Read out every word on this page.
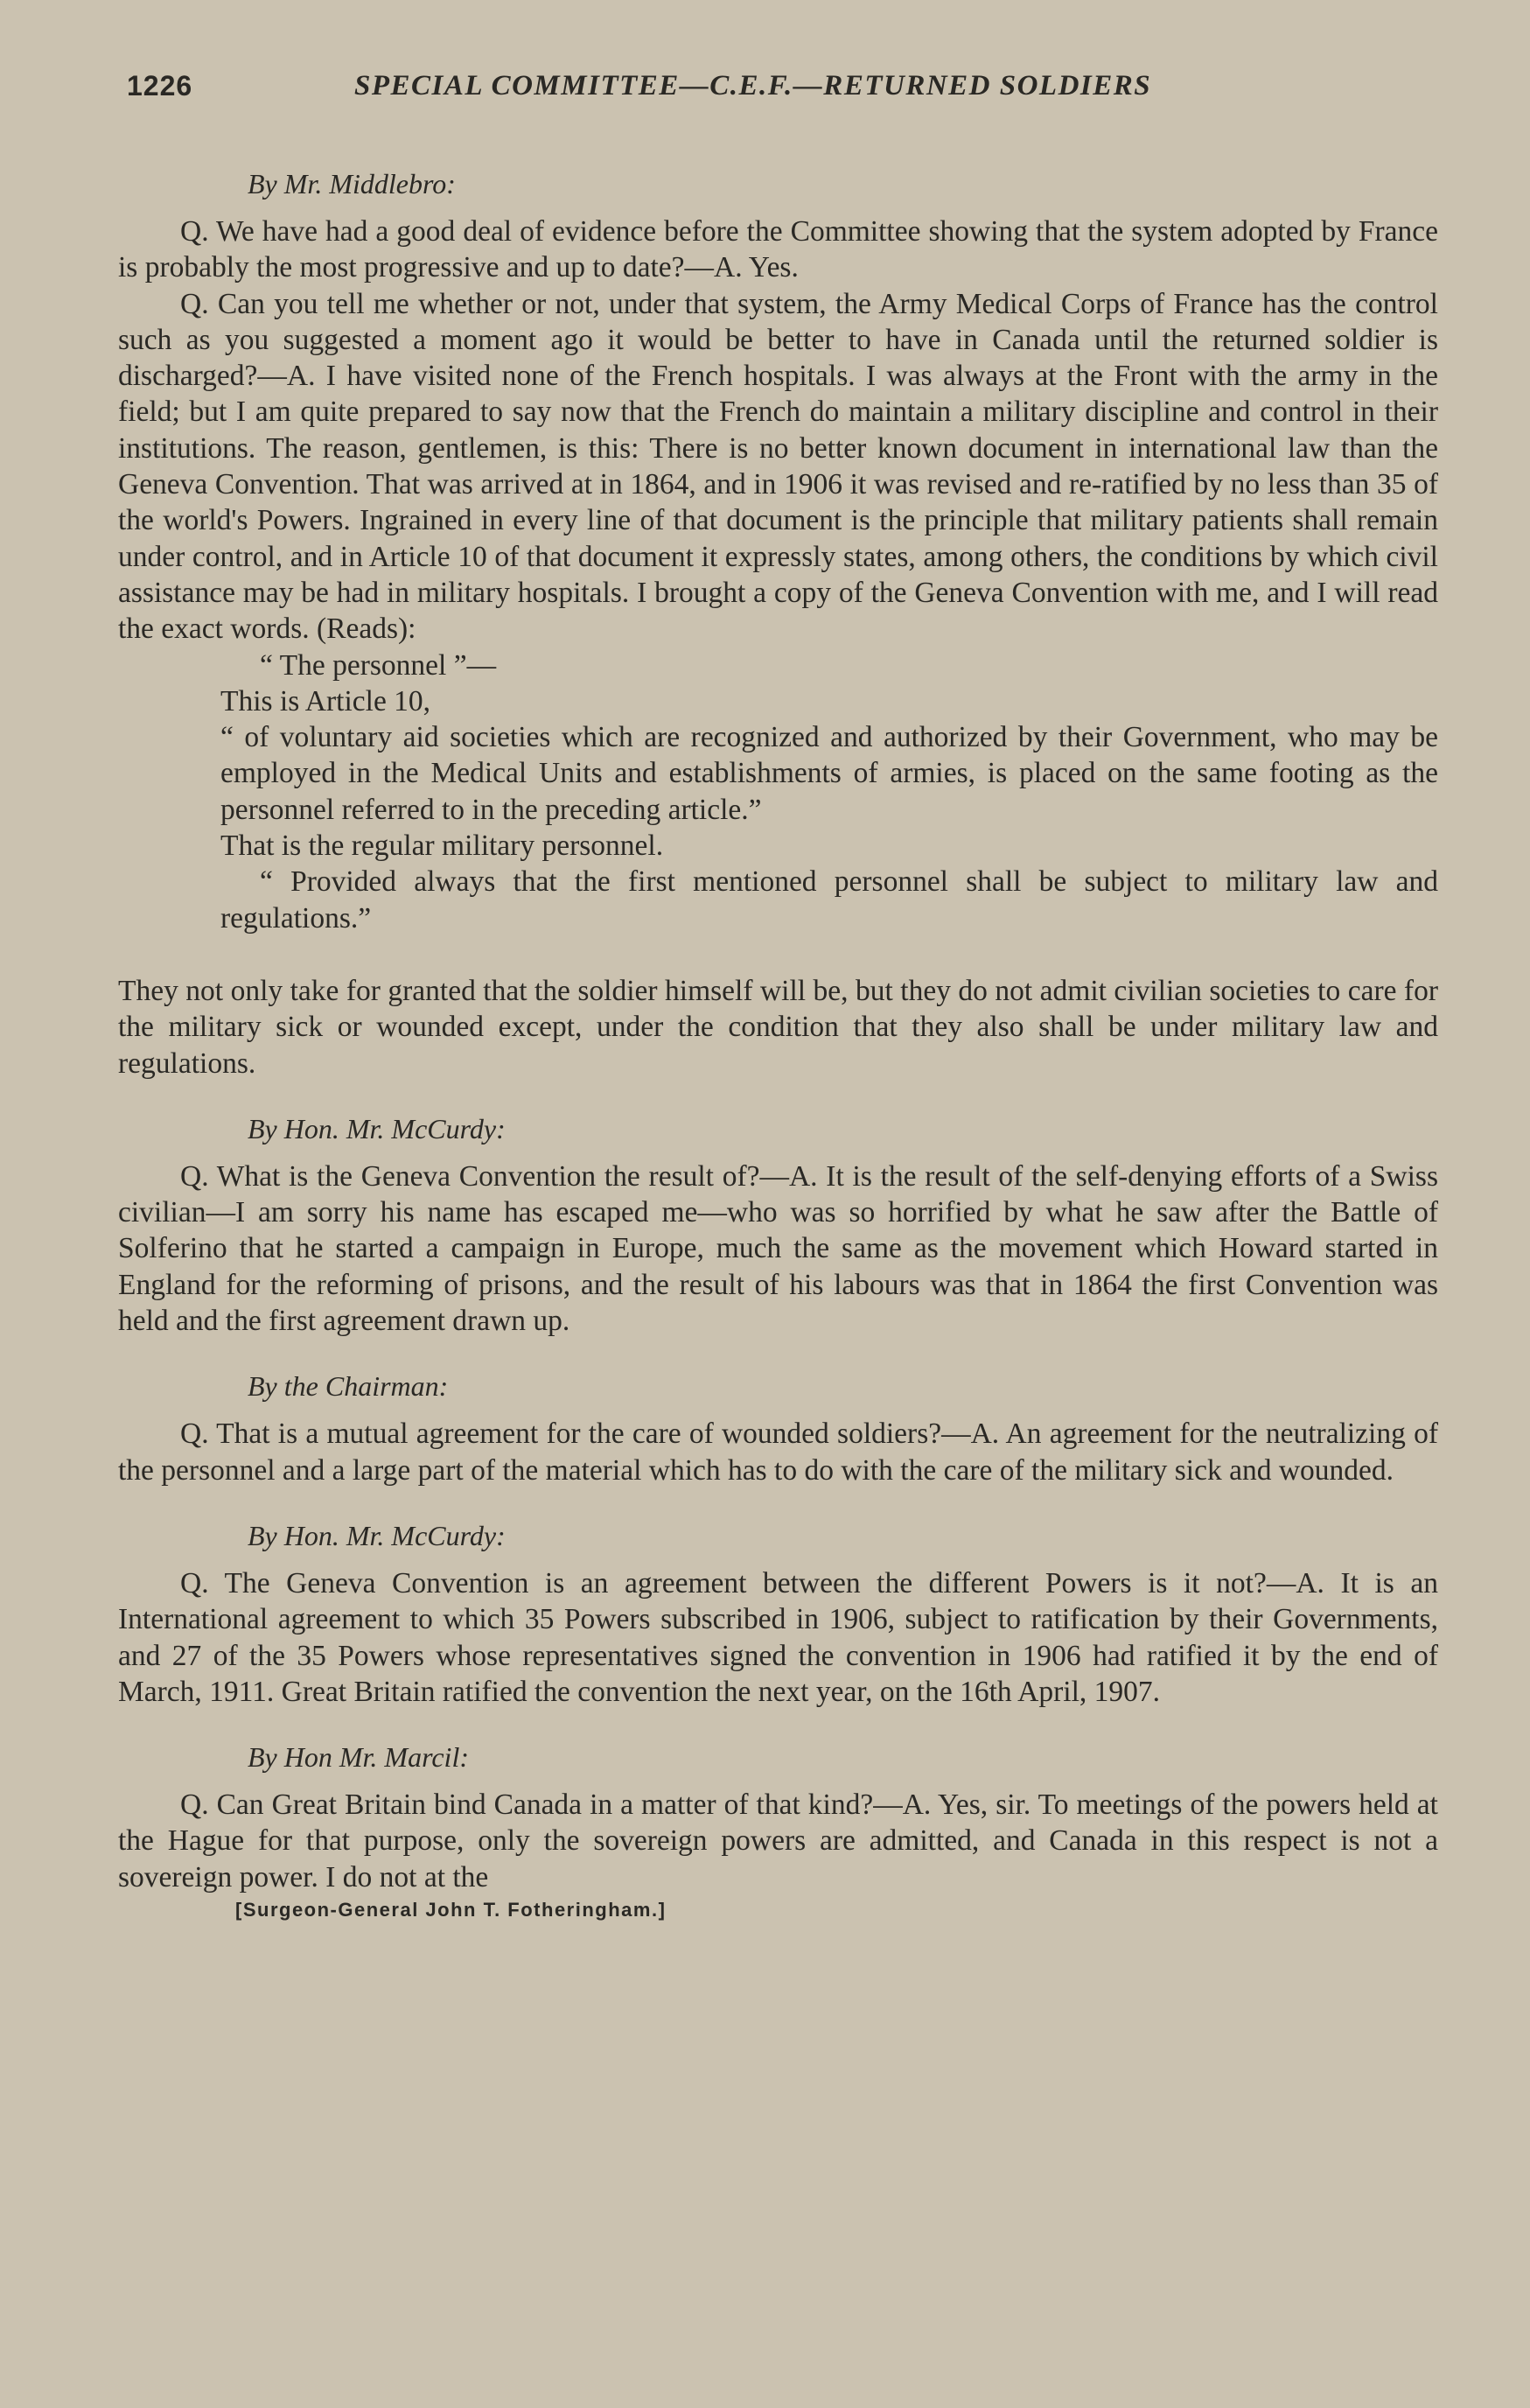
1226	SPECIAL COMMITTEE—C.E.F.—RETURNED SOLDIERS
By Mr. Middlebro:

Q. We have had a good deal of evidence before the Committee showing that the system adopted by France is probably the most progressive and up to date?—A. Yes.

Q. Can you tell me whether or not, under that system, the Army Medical Corps of France has the control such as you suggested a moment ago it would be better to have in Canada until the returned soldier is discharged?—A. I have visited none of the French hospitals. I was always at the Front with the army in the field; but I am quite prepared to say now that the French do maintain a military discipline and control in their institutions. The reason, gentlemen, is this: There is no better known document in international law than the Geneva Convention. That was arrived at in 1864, and in 1906 it was revised and re-ratified by no less than 35 of the world's Powers. Ingrained in every line of that document is the principle that military patients shall remain under control, and in Article 10 of that document it expressly states, among others, the conditions by which civil assistance may be had in military hospitals. I brought a copy of the Geneva Convention with me, and I will read the exact words. (Reads):

“ The personnel ”—

This is Article 10,

“ of voluntary aid societies which are recognized and authorized by their Government, who may be employed in the Medical Units and establishments of armies, is placed on the same footing as the personnel referred to in the preceding article.”

That is the regular military personnel.

“ Provided always that the first mentioned personnel shall be subject to military law and regulations.”

They not only take for granted that the soldier himself will be, but they do not admit civilian societies to care for the military sick or wounded except, under the condition that they also shall be under military law and regulations.

By Hon. Mr. McCurdy:

Q. What is the Geneva Convention the result of?—A. It is the result of the self-denying efforts of a Swiss civilian—I am sorry his name has escaped me—who was so horrified by what he saw after the Battle of Solferino that he started a campaign in Europe, much the same as the movement which Howard started in England for the reforming of prisons, and the result of his labours was that in 1864 the first Convention was held and the first agreement drawn up.

By the Chairman:

Q. That is a mutual agreement for the care of wounded soldiers?—A. An agreement for the neutralizing of the personnel and a large part of the material which has to do with the care of the military sick and wounded.

By Hon. Mr. McCurdy:

Q. The Geneva Convention is an agreement between the different Powers is it not?—A. It is an International agreement to which 35 Powers subscribed in 1906, subject to ratification by their Governments, and 27 of the 35 Powers whose representatives signed the convention in 1906 had ratified it by the end of March, 1911. Great Britain ratified the convention the next year, on the 16th April, 1907.

By Hon Mr. Marcil:

Q. Can Great Britain bind Canada in a matter of that kind?—A. Yes, sir. To meetings of the powers held at the Hague for that purpose, only the sovereign powers are admitted, and Canada in this respect is not a sovereign power. I do not at the

[Surgeon-General John T. Fotheringham.]
